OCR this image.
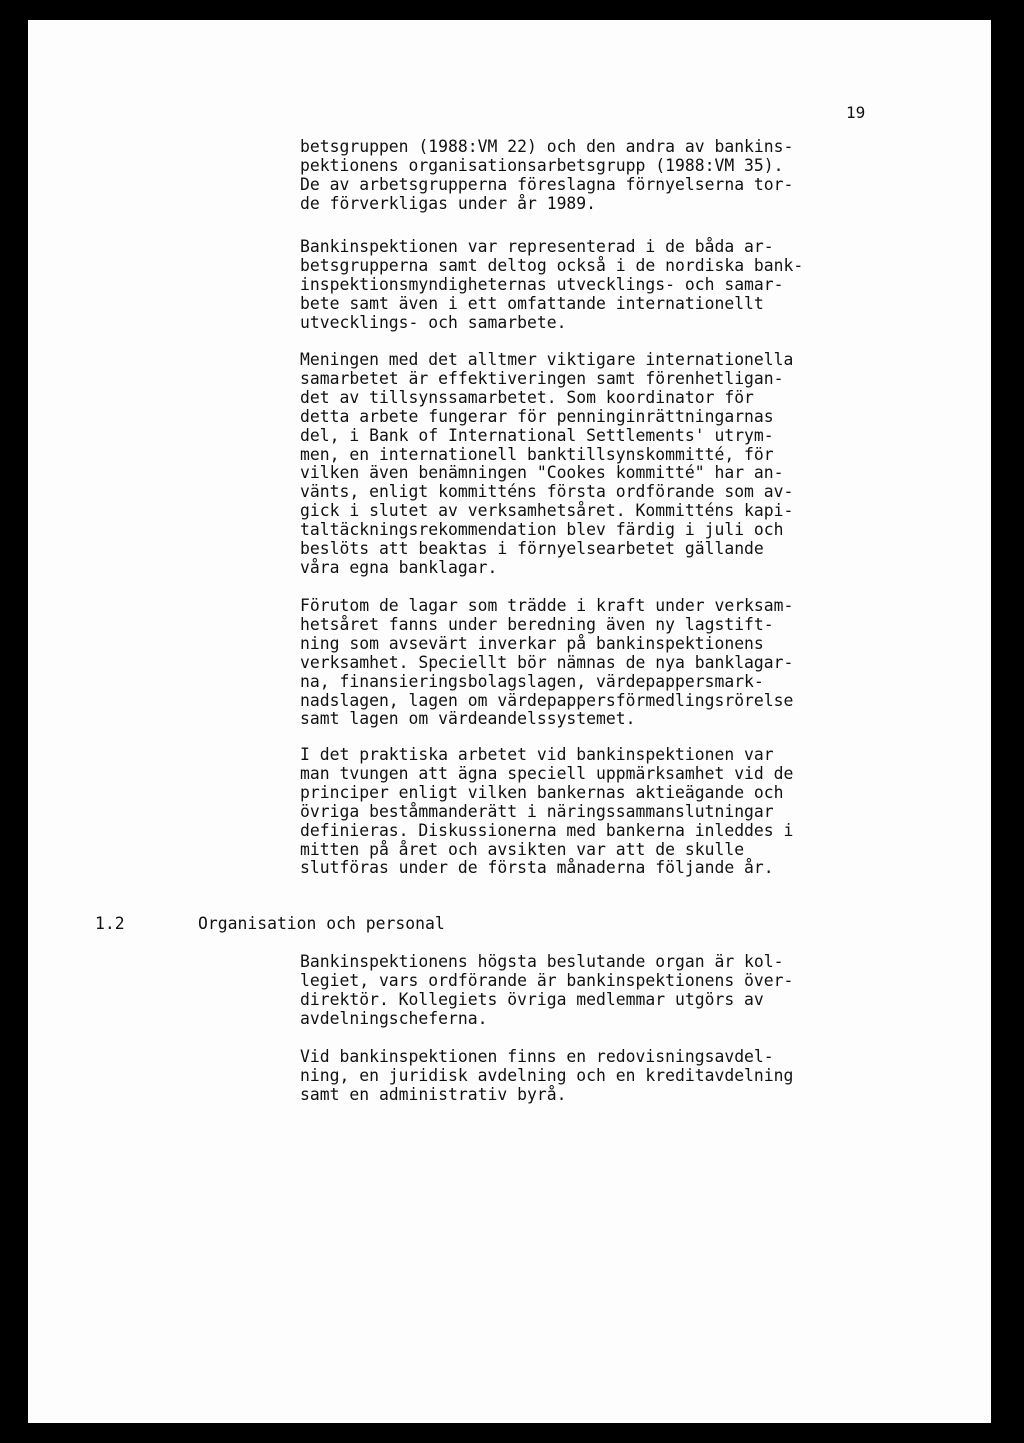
19

betsgruppen (1988:VM 22) och den andra av bankins-
pektionens organisationsarbetsgrupp (1988:VM 35).
De av arbetsgrupperna föreslagna förnyelserna tor-
de förverkligas under år 1989.

Bankinspektionen var representerad i de båda ar-
betsgrupperna samt deltog också i de nordiska bank-
inspektionsmyndigheternas utvecklings- och samar-
bete samt även i ett omfattande internationellt
utvecklings- och samarbete.

Meningen med det alltmer viktigare internationella
samarbetet är effektiveringen samt förenhetligan-
det av tillsynssamarbetet. Som koordinator för
detta arbete fungerar för penninginrättningarnas
del, i Bank of International Settlements' utrym-
men, en internationell banktillsynskommitté, för
vilken även benämningen "Cookes kommitté" har an-
vänts, enligt kommitténs första ordförande som av-
gick i slutet av verksamhetsåret. Kommitténs kapi-
taltäckningsrekommendation blev färdig i juli och
beslöts att beaktas i förnyelsearbetet gällande
våra egna banklagar.

Förutom de lagar som trädde i kraft under verksam-
hetsåret fanns under beredning även ny lagstift-
ning som avsevärt inverkar på bankinspektionens
verksamhet. Speciellt bör nämnas de nya banklagar-
na, finansieringsbolagslagen, värdepappersmark-
nadslagen, lagen om värdepappersförmedlingsrörelse
samt lagen om värdeandelssystemet.

I det praktiska arbetet vid bankinspektionen var
man tvungen att ägna speciell uppmärksamhet vid de
principer enligt vilken bankernas aktieägande och
övriga beståmmanderätt i näringssammanslutningar
definieras. Diskussionerna med bankerna inleddes i
mitten på året och avsikten var att de skulle
slutföras under de första månaderna följande år.

1.2	Organisation och personal

Bankinspektionens högsta beslutande organ är kol-
legiet, vars ordförande är bankinspektionens över-
direktör. Kollegiets övriga medlemmar utgörs av
avdelningscheferna.

Vid bankinspektionen finns en redovisningsavdel-
ning, en juridisk avdelning och en kreditavdelning
samt en administrativ byrå.
